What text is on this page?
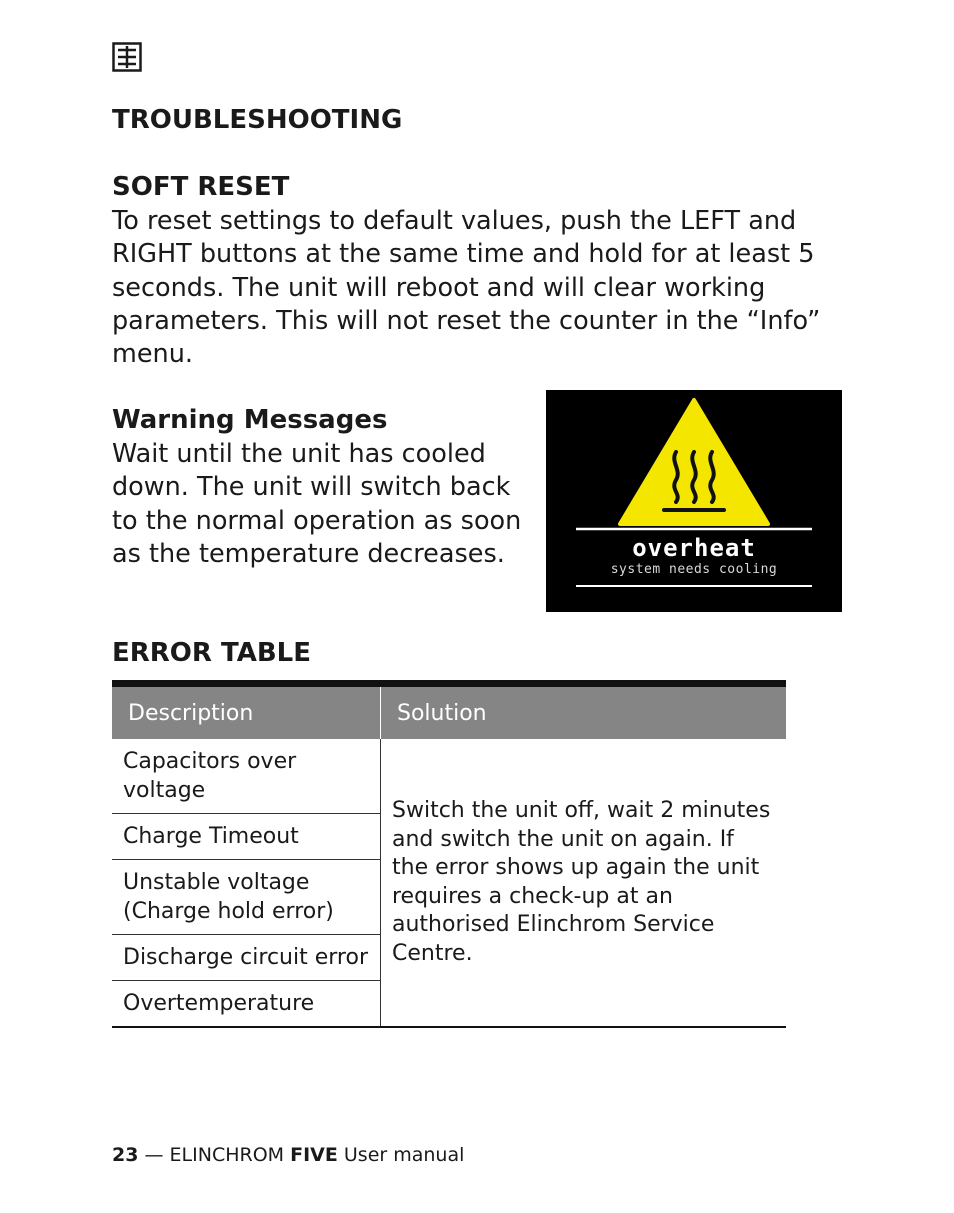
TROUBLESHOOTING
SOFT RESET

To reset settings to default values, push the LEFT and RIGHT buttons at the same time and hold for at least 5 seconds. The unit will reboot and will clear working parameters. This will not reset the counter in the “Info” menu.

Warning Messages

Wait until the unit has cooled down. The unit will switch back to the normal operation as soon as the temperature decreases.	overheat
system needs cooling
ERROR TABLE
Description	Solution
Capacitors over voltage	Switch the unit off, wait 2 minutes and switch the unit on again. If the error shows up again the unit requires a check-up at an authorised Elinchrom Service Centre.
Charge Timeout	
Unstable voltage (Charge hold error)	
Discharge circuit error	
Overtemperature	
23 — ELINCHROM FIVE User manual
